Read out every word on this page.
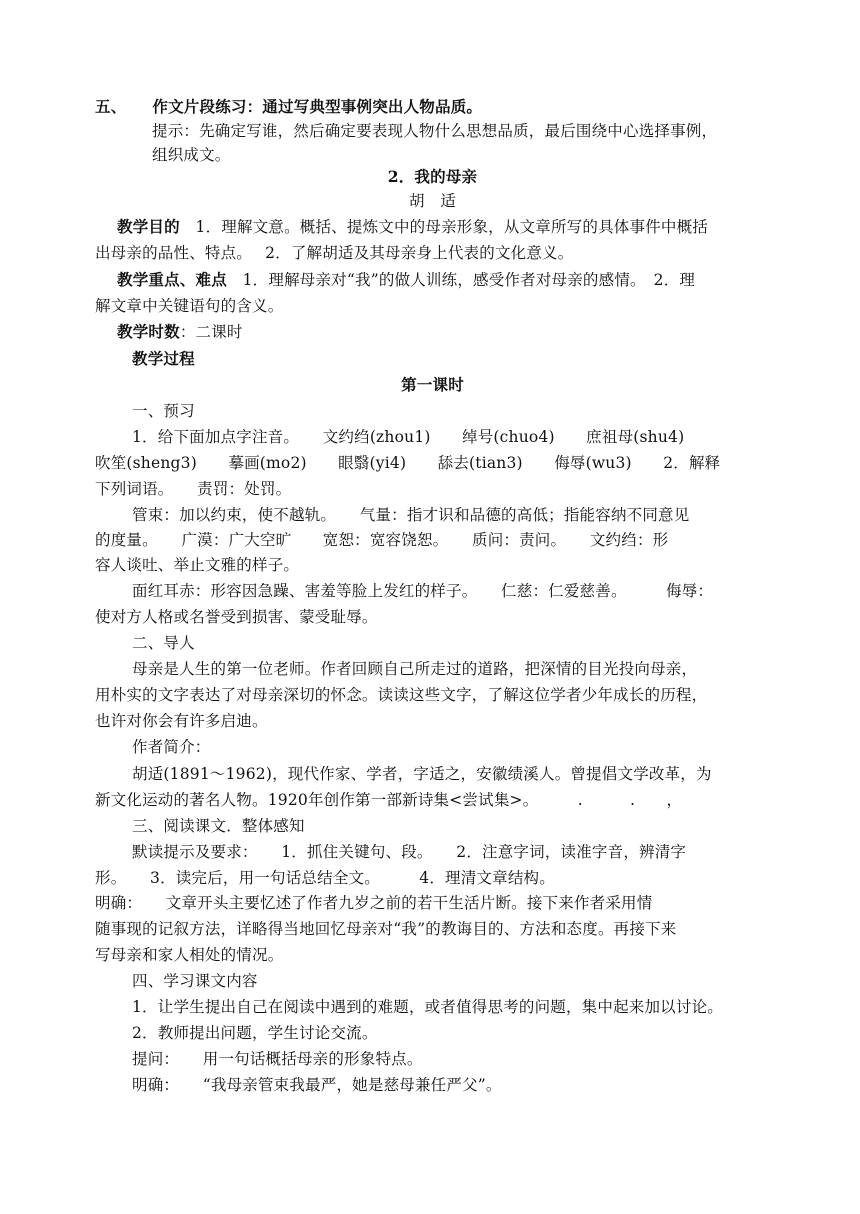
五、 作文片段练习：通过写典型事例突出人物品质。
提示：先确定写谁，然后确定要表现人物什么思想品质，最后围绕中心选择事例，
组织成文。
2．我的母亲
胡　适
教学目的　1．理解文意。概括、提炼文中的母亲形象，从文章所写的具体事件中概括
出母亲的品性、特点。　 2．了解胡适及其母亲身上代表的文化意义。
教学重点、难点　1．理解母亲对“我”的做人训练，感受作者对母亲的感情。　2．理
解文章中关键语句的含义。
教学时数：二课时
教学过程
第一课时
一、预习
1．给下面加点字注音。　　文约绉(zhou1)　　绰号(chuo4)　　庶祖母(shu4)
吹笙(sheng3)　　摹画(mo2)　　眼翳(yi4)　　舔去(tian3)　　侮辱(wu3)　　2．解释
下列词语。　　责罚：处罚。
管束：加以约束，使不越轨。　　气量：指才识和品德的高低；指能容纳不同意见
的度量。　　广漠：广大空旷　　宽恕：宽容饶恕。　　质问：责问。　　文约绉：形
容人谈吐、举止文雅的样子。
面红耳赤：形容因急躁、害羞等脸上发红的样子。　　仁慈：仁爱慈善。　　　侮辱：
使对方人格或名誉受到损害、蒙受耻辱。
二、导人
母亲是人生的第一位老师。作者回顾自己所走过的道路，把深情的目光投向母亲，
用朴实的文字表达了对母亲深切的怀念。读读这些文字，了解这位学者少年成长的历程，
也许对你会有许多启迪。
作者简介：
胡适(1891～1962)，现代作家、学者，字适之，安徽绩溪人。曾提倡文学改革，为
新文化运动的著名人物。1920年创作第一部新诗集<尝试集>。　　　.　　　.　　，
三、阅读课文．整体感知
默读提示及要求：　　1．抓住关键句、段。　　2．注意字词，读准字音，辨清字
形。　　3．读完后，用一句话总结全文。　　　4．理清文章结构。
明确：　　文章开头主要忆述了作者九岁之前的若干生活片断。接下来作者采用情
随事现的记叙方法，详略得当地回忆母亲对“我”的教诲目的、方法和态度。再接下来
写母亲和家人相处的情况。
四、学习课文内容
1．让学生提出自己在阅读中遇到的难题，或者值得思考的问题，集中起来加以讨论。
2．教师提出问题，学生讨论交流。
提问：　　用一句话概括母亲的形象特点。
明确：　　“我母亲管束我最严，她是慈母兼任严父”。
